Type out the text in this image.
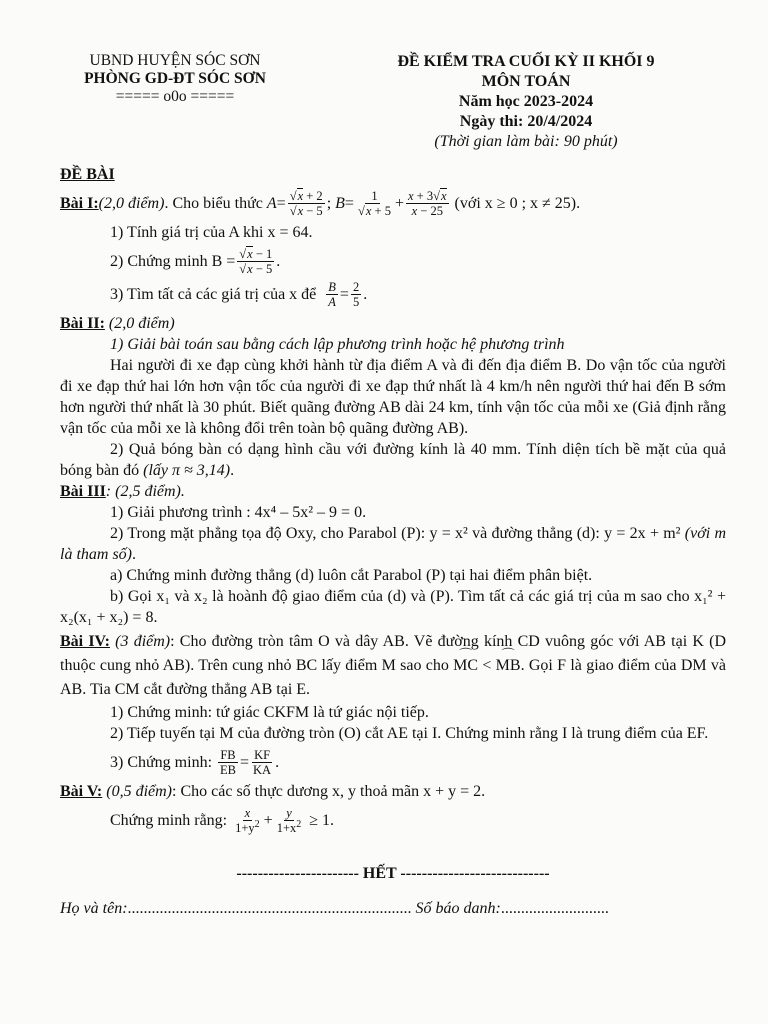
UBND HUYỆN SÓC SƠN
PHÒNG GD-ĐT SÓC SƠN
===== o0o =====
ĐỀ KIỂM TRA CUỐI KỲ II KHỐI 9
MÔN TOÁN
Năm học 2023-2024
Ngày thi: 20/4/2024
(Thời gian làm bài: 90 phút)
ĐỀ BÀI
Bài I: (2,0 điểm) . Cho biểu thức
$A = \frac{√x + 2}{√x - 5}$ ; $B = \frac{1}{√x + 5} + \frac{x + 3√x}{x - 25}$
(với x ≥ 0 ; x ≠ 25).
1) Tính giá trị của A khi x = 64.
2) Chứng minh $B = \frac{√x - 1}{√x - 5}$ .
3) Tìm tất cả các giá trị của x để
$\frac{B}{A} = \frac{2}{5}$ .
Bài II: (2,0 điểm)
1) Giải bài toán sau bằng cách lập phương trình hoặc hệ phương trình
Hai người đi xe đạp cùng khởi hành từ địa điểm A và đi đến địa điểm B. Do vận tốc của người đi xe đạp thứ hai lớn hơn vận tốc của người đi xe đạp thứ nhất là 4 km/h nên người thứ hai đến B sớm hơn người thứ nhất là 30 phút. Biết quãng đường AB dài 24 km, tính vận tốc của mỗi xe (Giả định rằng vận tốc của mỗi xe là không đổi trên toàn bộ quãng đường AB).
2) Quả bóng bàn có dạng hình cầu với đường kính là 40 mm. Tính diện tích bề mặt của quả bóng bàn đó (lấy π ≈ 3,14).
Bài III: (2,5 điểm).
1) Giải phương trình : 4x⁴ – 5x² – 9 = 0.
2) Trong mặt phẳng tọa độ Oxy, cho Parabol (P): y = x² và đường thẳng (d): y = 2x + m² (với m là tham số).
a) Chứng minh đường thẳng (d) luôn cắt Parabol (P) tại hai điểm phân biệt.
b) Gọi x₁ và x₂ là hoành độ giao điểm của (d) và (P). Tìm tất cả các giá trị của m sao cho x₁² + x₂(x₁ + x₂) = 8.
Bài IV: (3 điểm): Cho đường tròn tâm O và dây AB. Vẽ đường kính CD vuông góc với AB tại K (D thuộc cung nhỏ AB). Trên cung nhỏ BC lấy điểm M sao cho ⌒ MC < ⌒ MB. Gọi F là giao điểm của DM và AB. Tia CM cắt đường thẳng AB tại E.
1) Chứng minh: tứ giác CKFM là tứ giác nội tiếp.
2) Tiếp tuyến tại M của đường tròn (O) cắt AE tại I. Chứng minh rằng I là trung điểm của EF.
3) Chứng minh:
$\frac{FB}{EB} = \frac{KF}{KA}$ .
Bài V: (0,5 điểm): Cho các số thực dương x, y thoả mãn x + y = 2.
Chứng minh rằng:
$\frac{x}{1+y^2} + \frac{y}{1+x^2}$
≥ 1.
----------------------- HẾT ----------------------------
Họ và tên: .......................................................................
Số báo danh: ...........................
